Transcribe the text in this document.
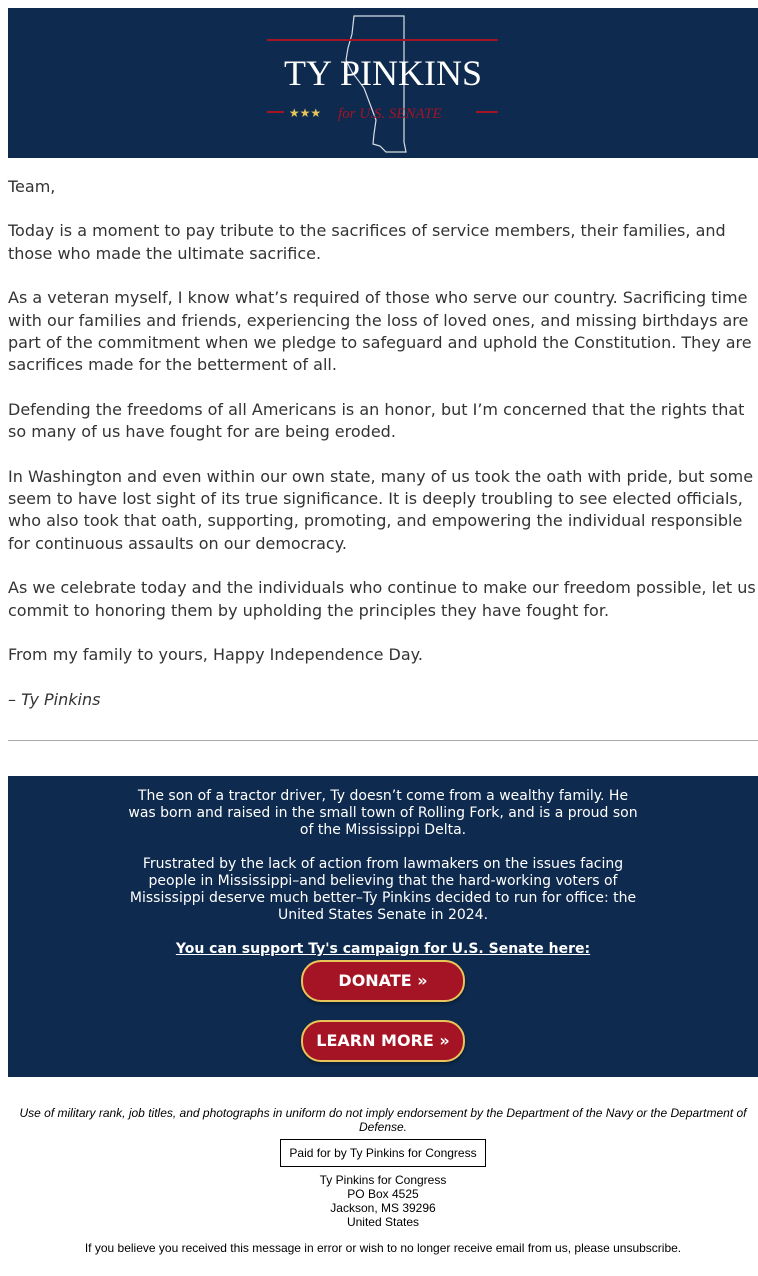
TY PINKINS
★★★ for U.S. SENATE

Team,

Today is a moment to pay tribute to the sacrifices of service members, their families, and those who made the ultimate sacrifice.

As a veteran myself, I know what’s required of those who serve our country. Sacrificing time with our families and friends, experiencing the loss of loved ones, and missing birthdays are part of the commitment when we pledge to safeguard and uphold the Constitution. They are sacrifices made for the betterment of all.

Defending the freedoms of all Americans is an honor, but I’m concerned that the rights that so many of us have fought for are being eroded.

In Washington and even within our own state, many of us took the oath with pride, but some seem to have lost sight of its true significance. It is deeply troubling to see elected officials, who also took that oath, supporting, promoting, and empowering the individual responsible for continuous assaults on our democracy.

As we celebrate today and the individuals who continue to make our freedom possible, let us commit to honoring them by upholding the principles they have fought for.

From my family to yours, Happy Independence Day.

– Ty Pinkins

The son of a tractor driver, Ty doesn’t come from a wealthy family. He was born and raised in the small town of Rolling Fork, and is a proud son of the Mississippi Delta.

Frustrated by the lack of action from lawmakers on the issues facing people in Mississippi–and believing that the hard-working voters of Mississippi deserve much better–Ty Pinkins decided to run for office: the United States Senate in 2024.

You can support Ty's campaign for U.S. Senate here:
DONATE »
LEARN MORE »
Use of military rank, job titles, and photographs in uniform do not imply endorsement by the Department of the Navy or the Department of Defense.
Paid for by Ty Pinkins for Congress
Ty Pinkins for Congress
PO Box 4525
Jackson, MS 39296
United States
If you believe you received this message in error or wish to no longer receive email from us, please unsubscribe.
